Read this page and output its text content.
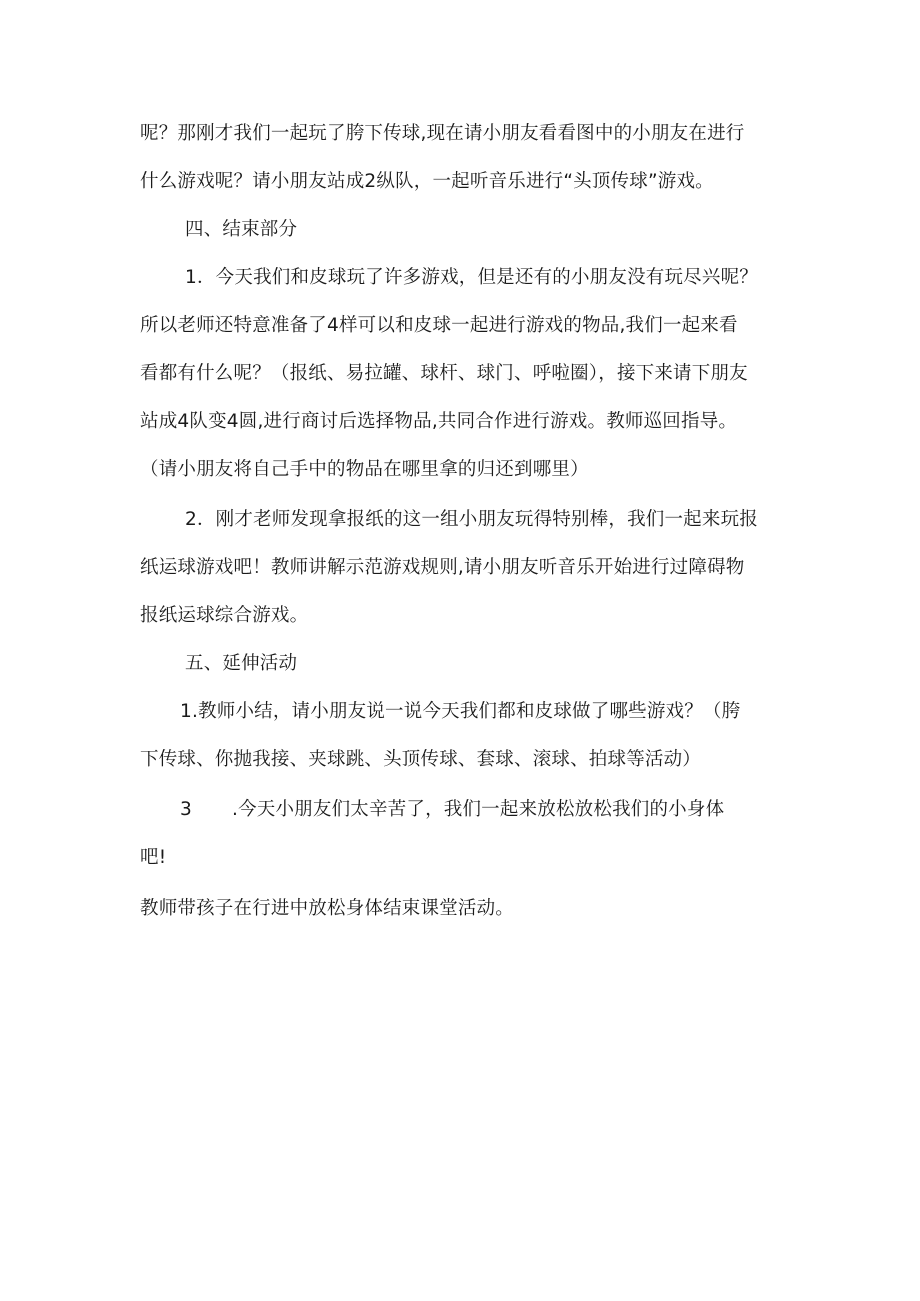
呢？那刚才我们一起玩了胯下传球,现在请小朋友看看图中的小朋友在进行
什么游戏呢？请小朋友站成2纵队，一起听音乐进行“头顶传球”游戏。
四、结束部分
1．今天我们和皮球玩了许多游戏，但是还有的小朋友没有玩尽兴呢？
所以老师还特意准备了4样可以和皮球一起进行游戏的物品,我们一起来看
看都有什么呢？（报纸、易拉罐、球杆、球门、呼啦圈），接下来请下朋友
站成4队变4圆,进行商讨后选择物品,共同合作进行游戏。教师巡回指导。
（请小朋友将自己手中的物品在哪里拿的归还到哪里）
2．刚才老师发现拿报纸的这一组小朋友玩得特别棒，我们一起来玩报
纸运球游戏吧！教师讲解示范游戏规则,请小朋友听音乐开始进行过障碍物
报纸运球综合游戏。
五、延伸活动
1.教师小结，请小朋友说一说今天我们都和皮球做了哪些游戏？（胯
下传球、你抛我接、夹球跳、头顶传球、套球、滚球、拍球等活动）
3 .今天小朋友们太辛苦了，我们一起来放松放松我们的小身体
吧!
教师带孩子在行进中放松身体结束课堂活动。
